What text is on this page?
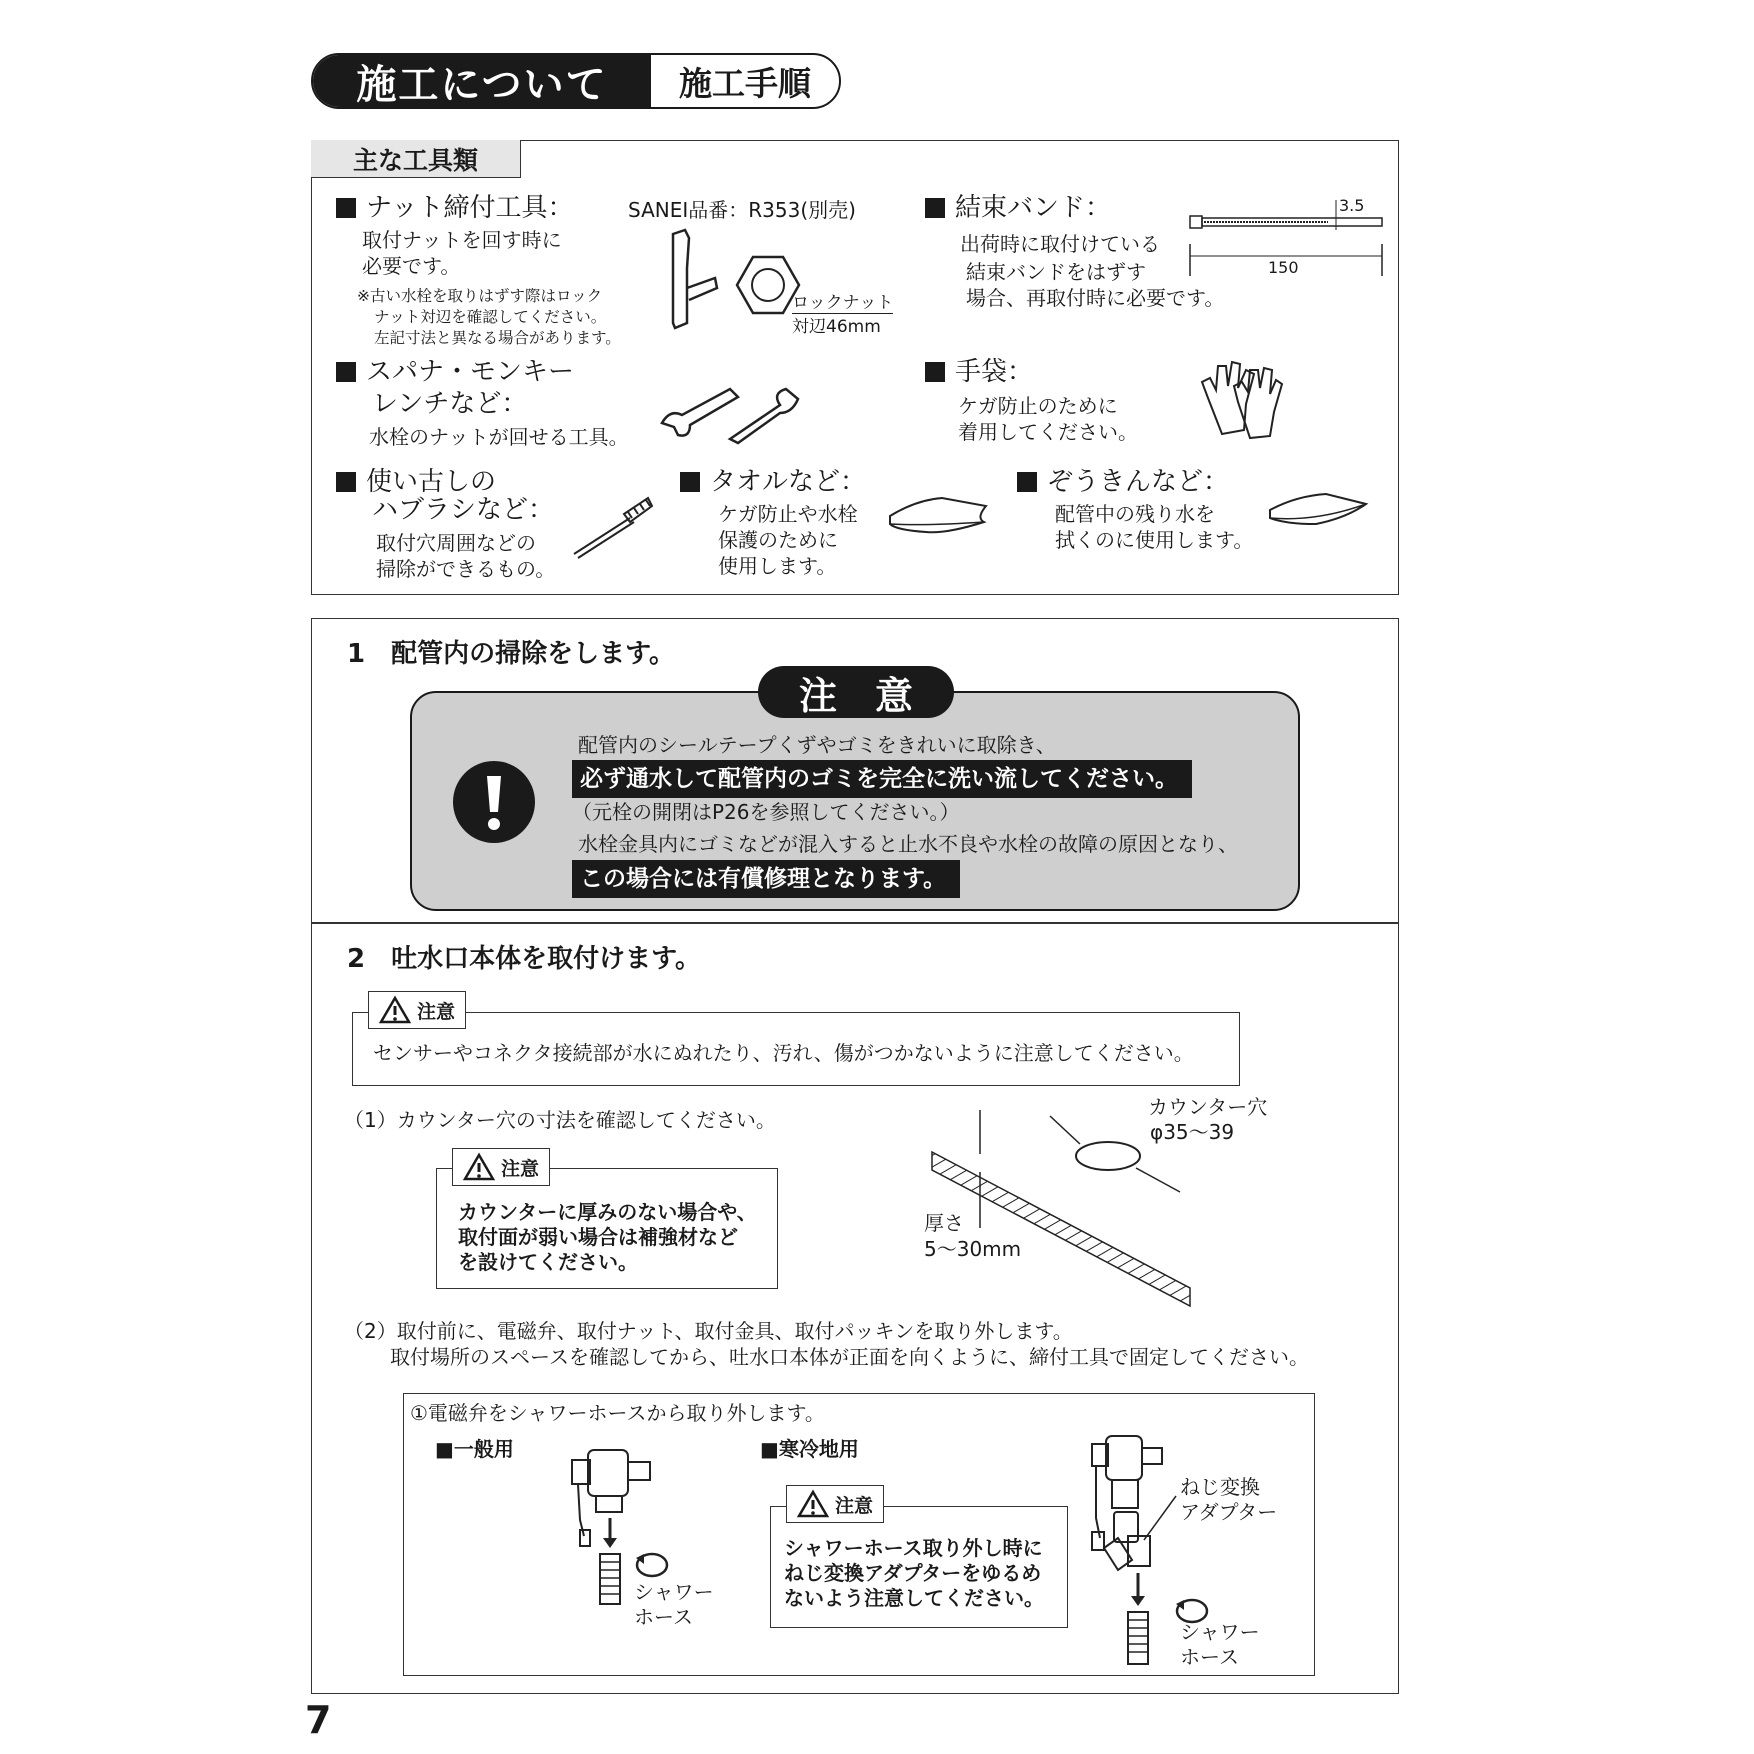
施工について	施工手順
主な工具類
ナット締付工具：	SANEI品番：R353(別売)
取付ナットを回す時に
必要です。
※古い水栓を取りはずす際はロック
ナット対辺を確認してください。
左記寸法と異なる場合があります。
ロックナット
対辺46mm
結束バンド：
出荷時に取付けている
結束バンドをはずす
場合、再取付時に必要です。
3.5
150
スパナ・モンキー
レンチなど：
水栓のナットが回せる工具。
手袋：
ケガ防止のために
着用してください。
使い古しの
ハブラシなど：
取付穴周囲などの
掃除ができるもの。
タオルなど：
ケガ防止や水栓
保護のために
使用します。
ぞうきんなど：
配管中の残り水を
拭くのに使用します。
1　配管内の掃除をします。
注　意
配管内のシールテープくずやゴミをきれいに取除き、
必ず通水して配管内のゴミを完全に洗い流してください。
（元栓の開閉はP26を参照してください。）
水栓金具内にゴミなどが混入すると止水不良や水栓の故障の原因となり、
この場合には有償修理となります。
2　吐水口本体を取付けます。
注意
センサーやコネクタ接続部が水にぬれたり、汚れ、傷がつかないように注意してください。
（1）カウンター穴の寸法を確認してください。
注意
カウンターに厚みのない場合や、
取付面が弱い場合は補強材など
を設けてください。
カウンター穴
φ35～39
厚さ
5～30mm
（2）取付前に、電磁弁、取付ナット、取付金具、取付パッキンを取り外します。
取付場所のスペースを確認してから、吐水口本体が正面を向くように、締付工具で固定してください。
①電磁弁をシャワーホースから取り外します。
■一般用	■寒冷地用
シャワー
ホース
注意
シャワーホース取り外し時に
ねじ変換アダプターをゆるめ
ないよう注意してください。
ねじ変換
アダプター
シャワー
ホース
7
